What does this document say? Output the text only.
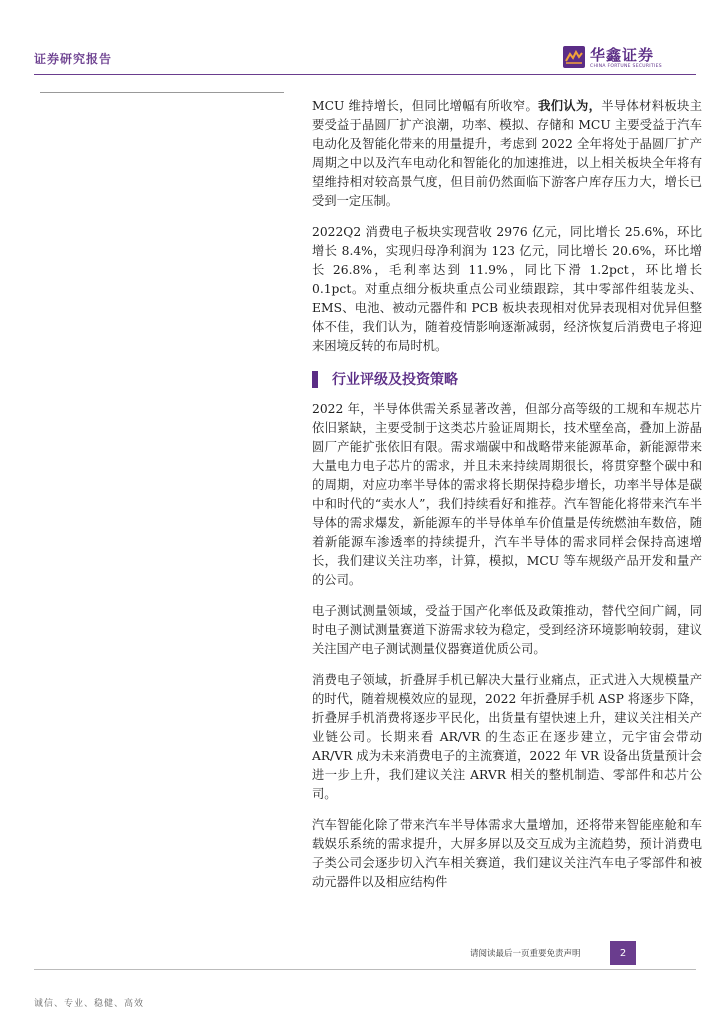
证券研究报告	华鑫证券
CHINA FORTUNE SECURITIES

MCU 维持增长，但同比增幅有所收窄。我们认为，半导体材料板块主要受益于晶圆厂扩产浪潮，功率、模拟、存储和 MCU 主要受益于汽车电动化及智能化带来的用量提升，考虑到 2022 全年将处于晶圆厂扩产周期之中以及汽车电动化和智能化的加速推进，以上相关板块全年将有望维持相对较高景气度，但目前仍然面临下游客户库存压力大，增长已受到一定压制。

2022Q2 消费电子板块实现营收 2976 亿元，同比增长 25.6%，环比增长 8.4%，实现归母净利润为 123 亿元，同比增长 20.6%，环比增长 26.8%，毛利率达到 11.9%，同比下滑 1.2pct，环比增长 0.1pct。对重点细分板块重点公司业绩跟踪，其中零部件组装龙头、EMS、电池、被动元器件和 PCB 板块表现相对优异表现相对优异但整体不佳，我们认为，随着疫情影响逐渐减弱，经济恢复后消费电子将迎来困境反转的布局时机。

行业评级及投资策略

2022 年，半导体供需关系显著改善，但部分高等级的工规和车规芯片依旧紧缺，主要受制于这类芯片验证周期长，技术壁垒高，叠加上游晶圆厂产能扩张依旧有限。需求端碳中和战略带来能源革命，新能源带来大量电力电子芯片的需求，并且未来持续周期很长，将贯穿整个碳中和的周期，对应功率半导体的需求将长期保持稳步增长，功率半导体是碳中和时代的“卖水人”，我们持续看好和推荐。汽车智能化将带来汽车半导体的需求爆发，新能源车的半导体单车价值量是传统燃油车数倍，随着新能源车渗透率的持续提升，汽车半导体的需求同样会保持高速增长，我们建议关注功率，计算，模拟，MCU 等车规级产品开发和量产的公司。

电子测试测量领域，受益于国产化率低及政策推动，替代空间广阔，同时电子测试测量赛道下游需求较为稳定，受到经济环境影响较弱，建议关注国产电子测试测量仪器赛道优质公司。

消费电子领域，折叠屏手机已解决大量行业痛点，正式进入大规模量产的时代，随着规模效应的显现，2022 年折叠屏手机 ASP 将逐步下降，折叠屏手机消费将逐步平民化，出货量有望快速上升，建议关注相关产业链公司。长期来看 AR/VR 的生态正在逐步建立，元宇宙会带动 AR/VR 成为未来消费电子的主流赛道，2022 年 VR 设备出货量预计会进一步上升，我们建议关注 ARVR 相关的整机制造、零部件和芯片公司。

汽车智能化除了带来汽车半导体需求大量增加，还将带来智能座舱和车载娱乐系统的需求提升，大屏多屏以及交互成为主流趋势，预计消费电子类公司会逐步切入汽车相关赛道，我们建议关注汽车电子零部件和被动元器件以及相应结构件

请阅读最后一页重要免责声明	2
诚信、专业、稳健、高效
